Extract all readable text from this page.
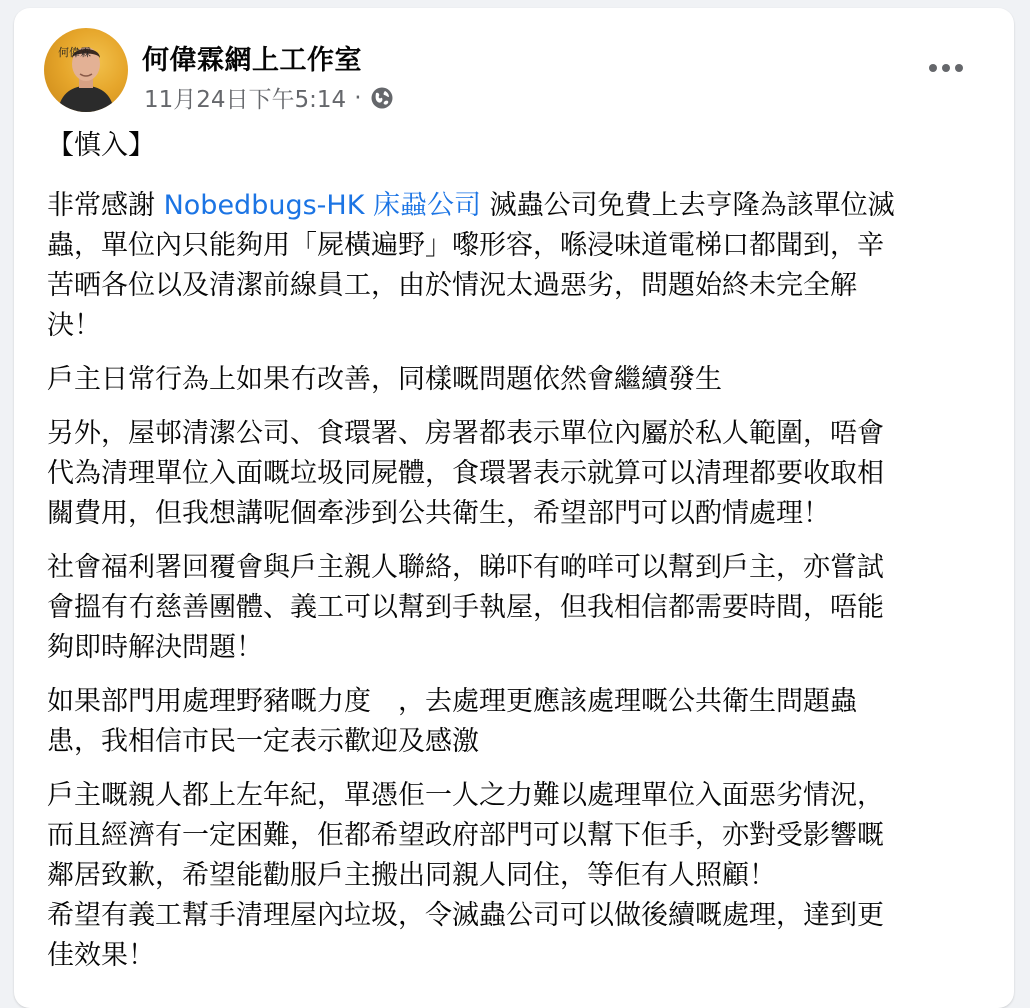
何偉霖 何偉霖網上工作室
11月24日下午5:14 ·
【慎入】

非常感謝 Nobedbugs-HK 床蝨公司 滅蟲公司免費上去亨隆為該單位滅
蟲，單位內只能夠用「屍橫遍野」嚟形容，喺浸味道電梯口都聞到，辛
苦晒各位以及清潔前線員工，由於情況太過惡劣，問題始終未完全解
決！

戶主日常行為上如果冇改善，同樣嘅問題依然會繼續發生

另外，屋邨清潔公司、食環署、房署都表示單位內屬於私人範圍，唔會
代為清理單位入面嘅垃圾同屍體，食環署表示就算可以清理都要收取相
關費用，但我想講呢個牽涉到公共衛生，希望部門可以酌情處理！

社會福利署回覆會與戶主親人聯絡，睇吓有啲咩可以幫到戶主，亦嘗試
會搵有冇慈善團體、義工可以幫到手執屋，但我相信都需要時間，唔能
夠即時解決問題！

如果部門用處理野豬嘅力度　，去處理更應該處理嘅公共衛生問題蟲
患，我相信市民一定表示歡迎及感激

戶主嘅親人都上左年紀，單憑佢一人之力難以處理單位入面惡劣情況，
而且經濟有一定困難，佢都希望政府部門可以幫下佢手，亦對受影響嘅
鄰居致歉，希望能勸服戶主搬出同親人同住，等佢有人照顧！
希望有義工幫手清理屋內垃圾，令滅蟲公司可以做後續嘅處理，達到更
佳效果！
